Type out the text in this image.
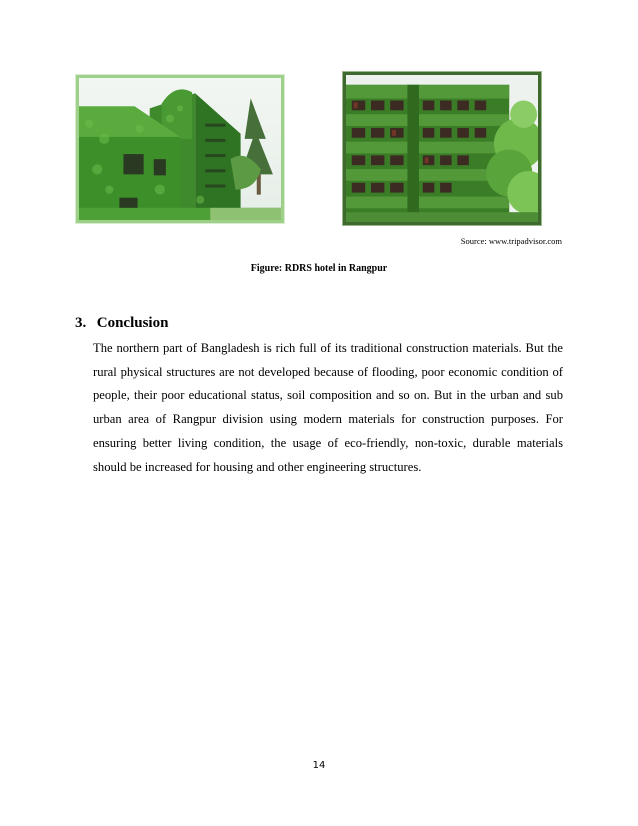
Source: www.tripadvisor.com
Figure: RDRS hotel in Rangpur
3. Conclusion
The northern part of Bangladesh is rich full of its traditional construction materials. But the rural physical structures are not developed because of flooding, poor economic condition of people, their poor educational status, soil composition and so on. But in the urban and sub urban area of Rangpur division using modern materials for construction purposes. For ensuring better living condition, the usage of eco-friendly, non-toxic, durable materials should be increased for housing and other engineering structures.
14
